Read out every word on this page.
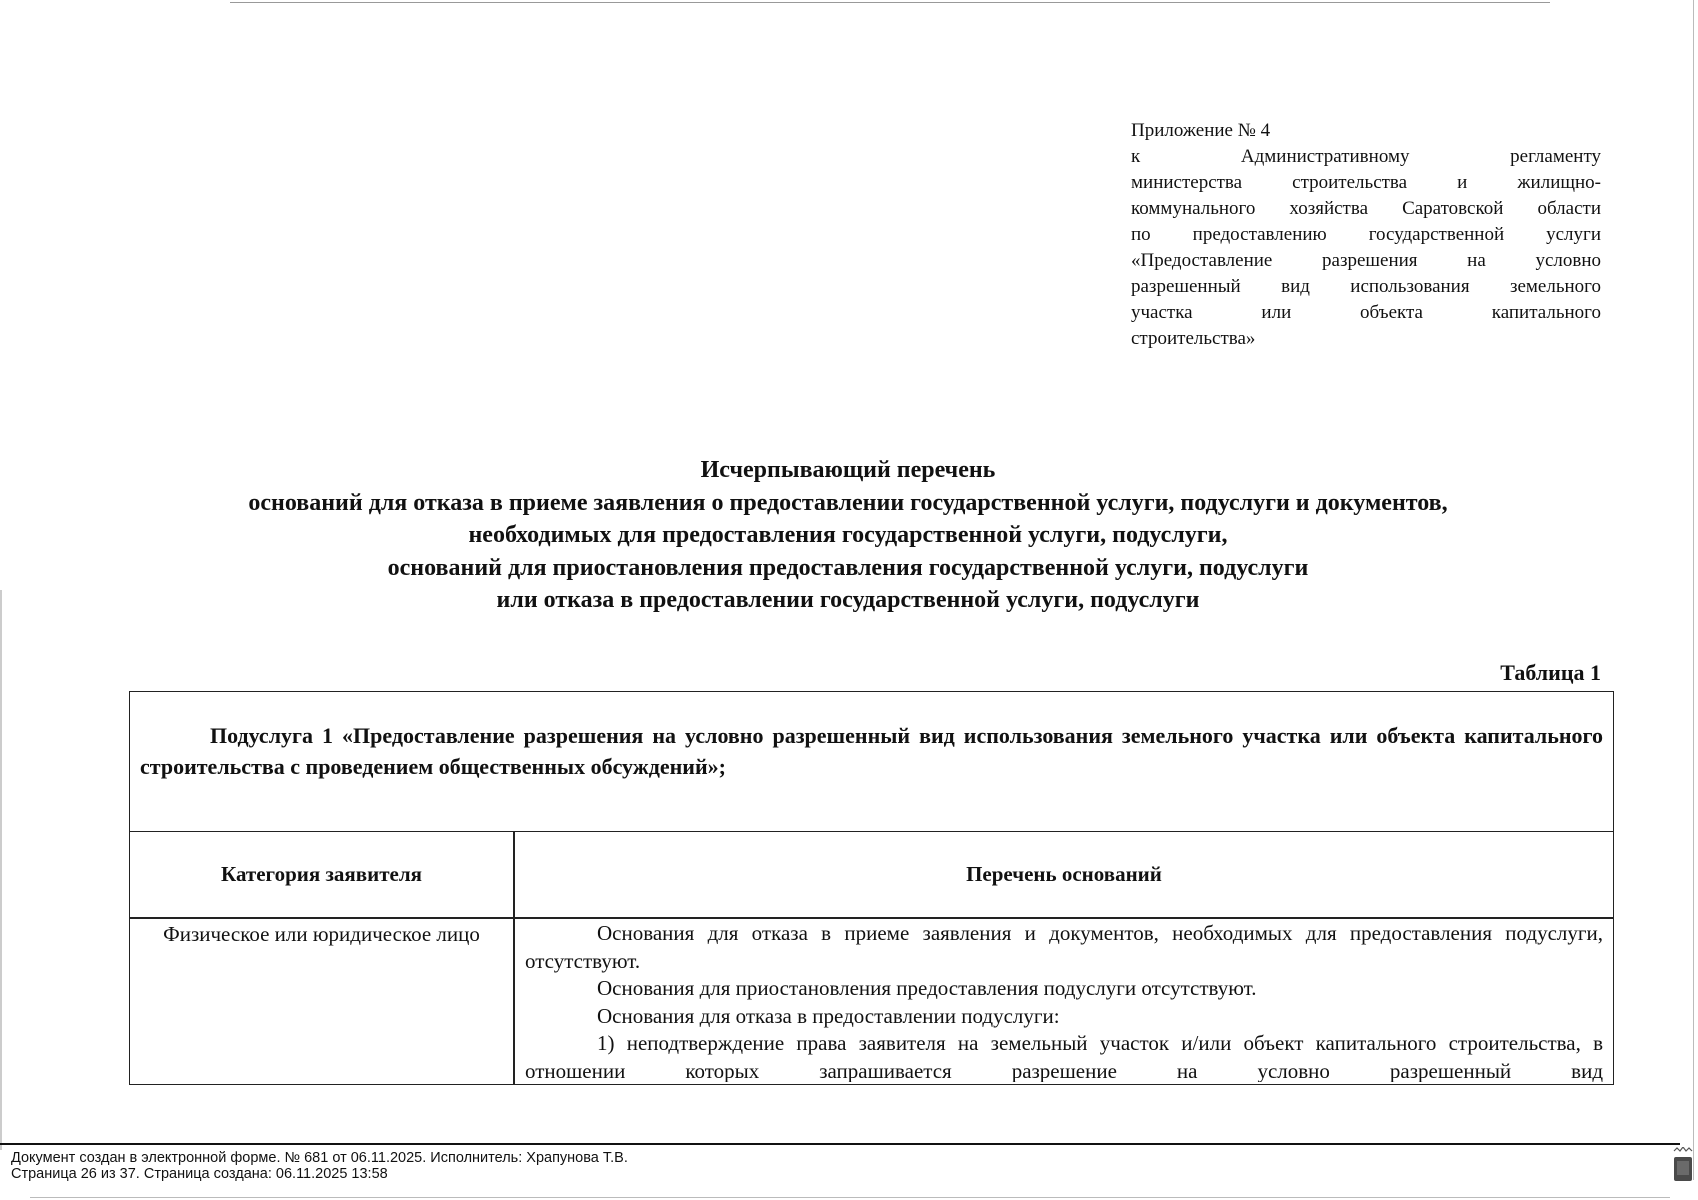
Приложение № 4
к Административному регламенту
министерства строительства и жилищно-
коммунального хозяйства Саратовской области
по предоставлению государственной услуги
«Предоставление разрешения на условно
разрешенный вид использования земельного
участка или объекта капитального
строительства»
Исчерпывающий перечень
оснований для отказа в приеме заявления о предоставлении государственной услуги, подуслуги и документов,
необходимых для предоставления государственной услуги, подуслуги,
оснований для приостановления предоставления государственной услуги, подуслуги
или отказа в предоставлении государственной услуги, подуслуги
Таблица 1
Подуслуга 1 «Предоставление разрешения на условно разрешенный вид использования земельного участка или объекта капитального строительства с проведением общественных обсуждений»;
Категория заявителя	Перечень оснований
Физическое или юридическое лицо	Основания для отказа в приеме заявления и документов, необходимых для предоставления подуслуги, отсутствуют.

Основания для приостановления предоставления подуслуги отсутствуют.

Основания для отказа в предоставлении подуслуги:

1) неподтверждение права заявителя на земельный участок и/или объект капитального строительства, в отношении которых запрашивается разрешение на условно разрешенный вид

Документ создан в электронной форме. № 681 от 06.11.2025. Исполнитель: Храпунова Т.В.
Страница 26 из 37. Страница создана: 06.11.2025 13:58
